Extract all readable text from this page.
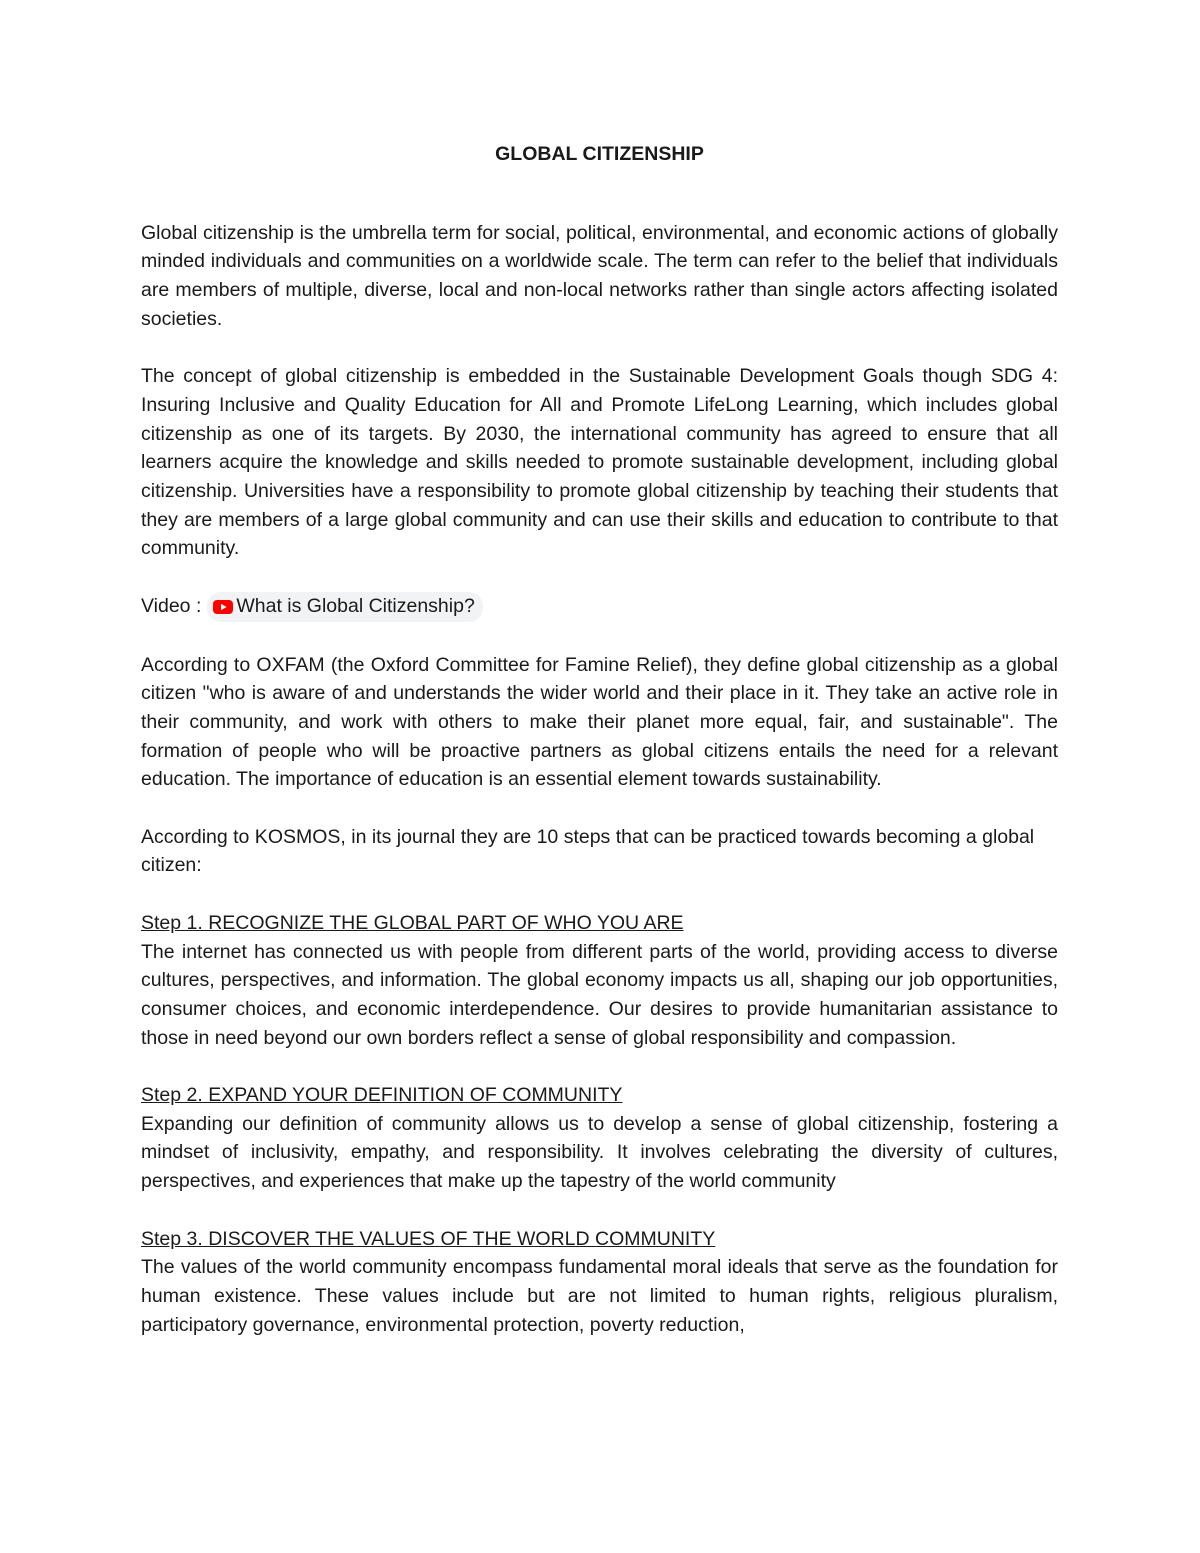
GLOBAL CITIZENSHIP

Global citizenship is the umbrella term for social, political, environmental, and economic actions of globally minded individuals and communities on a worldwide scale. The term can refer to the belief that individuals are members of multiple, diverse, local and non-local networks rather than single actors affecting isolated societies.

The concept of global citizenship is embedded in the Sustainable Development Goals though SDG 4: Insuring Inclusive and Quality Education for All and Promote LifeLong Learning, which includes global citizenship as one of its targets. By 2030, the international community has agreed to ensure that all learners acquire the knowledge and skills needed to promote sustainable development, including global citizenship. Universities have a responsibility to promote global citizenship by teaching their students that they are members of a large global community and can use their skills and education to contribute to that community.

Video : What is Global Citizenship?

According to OXFAM (the Oxford Committee for Famine Relief), they define global citizenship as a global citizen "who is aware of and understands the wider world and their place in it. They take an active role in their community, and work with others to make their planet more equal, fair, and sustainable". The formation of people who will be proactive partners as global citizens entails the need for a relevant education. The importance of education is an essential element towards sustainability.

According to KOSMOS, in its journal they are 10 steps that can be practiced towards becoming a global citizen:

Step 1. RECOGNIZE THE GLOBAL PART OF WHO YOU ARE

The internet has connected us with people from different parts of the world, providing access to diverse cultures, perspectives, and information. The global economy impacts us all, shaping our job opportunities, consumer choices, and economic interdependence. Our desires to provide humanitarian assistance to those in need beyond our own borders reflect a sense of global responsibility and compassion.

Step 2. EXPAND YOUR DEFINITION OF COMMUNITY

Expanding our definition of community allows us to develop a sense of global citizenship, fostering a mindset of inclusivity, empathy, and responsibility. It involves celebrating the diversity of cultures, perspectives, and experiences that make up the tapestry of the world community

Step 3. DISCOVER THE VALUES OF THE WORLD COMMUNITY

The values of the world community encompass fundamental moral ideals that serve as the foundation for human existence. These values include but are not limited to human rights, religious pluralism, participatory governance, environmental protection, poverty reduction,
